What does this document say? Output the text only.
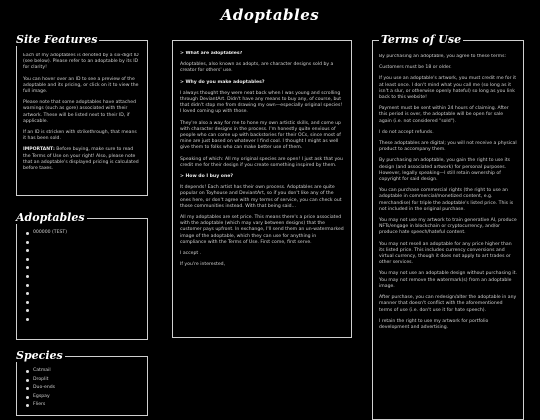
Adoptables
Site Features

Each of my adoptables is denoted by a six-digit ID (see below). Please refer to an adoptable by its ID for clarity!

You can hover over an ID to see a preview of the adoptable and its pricing, or click on it to view the full image.

Please note that some adoptables have attached warnings (such as gore) associated with their artwork. These will be listed next to their ID, if applicable.

If an ID is stricken with strikethrough, that means it has been sold.

IMPORTANT: Before buying, make sure to read the Terms of Use on your right! Also, please note that an adoptable's displayed pricing is calculated before taxes.

Adoptables
000000 (TEST)
Species
Catmail
Droplit
Duo-ends
Egspay
Fliers

> What are adoptables?

Adoptables, also known as adopts, are character designs sold by a creator for others' use.

> Why do you make adoptables?

I always thought they were neat back when I was young and scrolling through DeviantArt. Didn't have any means to buy any, of course, but that didn't stop me from drawing my own—especially original species! I loved coming up with those.

They're also a way for me to hone my own artistic skills, and come up with character designs in the process. I'm honestly quite envious of people who can come up with backstories for their OCs, since most of mine are just based on whatever I find cool. I thought I might as well give them to folks who can make better use of them.

Speaking of which: All my original species are open! I just ask that you credit me for their design if you create something inspired by them.

> How do I buy one?

It depends! Each artist has their own process. Adoptables are quite popular on Toyhouse and DeviantArt, so if you don't like any of the ones here, or don't agree with my terms of service, you can check out those communities instead. With that being said...

All my adoptables are set price. This means there's a price associated with the adoptable (which may vary between designs) that the customer pays upfront. In exchange, I'll send them an un-watermarked image of the adoptable, which they can use for anything in compliance with the Terms of Use. First come, first serve.

I accept .

If you're interested,

Terms of Use

By purchasing an adoptable, you agree to these terms:

Customers must be 18 or older.

If you use an adoptable's artwork, you must credit me for it at least once. I don't mind what you call me (so long as it isn't a slur, or otherwise openly hateful) so long as you link back to this website!

Payment must be sent within 24 hours of claiming. After this period is over, the adoptable will be open for sale again (i.e. not considered "sold").

I do not accept refunds.

These adoptables are digital; you will not receive a physical product to accompany them.

By purchasing an adoptable, you gain the right to use its design (and associated artwork) for personal purposes. However, legally speaking—I still retain ownership of copyright for said design.

You can purchase commercial rights (the right to use an adoptable in commercial/monetized content, e.g. merchandise) for triple the adoptable's listed price. This is not included in the original purchase.

You may not use my artwork to train generative AI, produce NFTs/engage in blockchain or cryptocurrency, and/or produce hate speech/hateful content.

You may not resell an adoptable for any price higher than its listed price. This includes currency conversions and virtual currency, though it does not apply to art trades or other services.

You may not use an adoptable design without purchasing it. You may not remove the watermark(s) from an adoptable image.

After purchase, you can redesign/alter the adoptable in any manner that doesn't conflict with the aforementioned terms of use (i.e. don't use it for hate speech).

I retain the right to use my artwork for portfolio development and advertising.
